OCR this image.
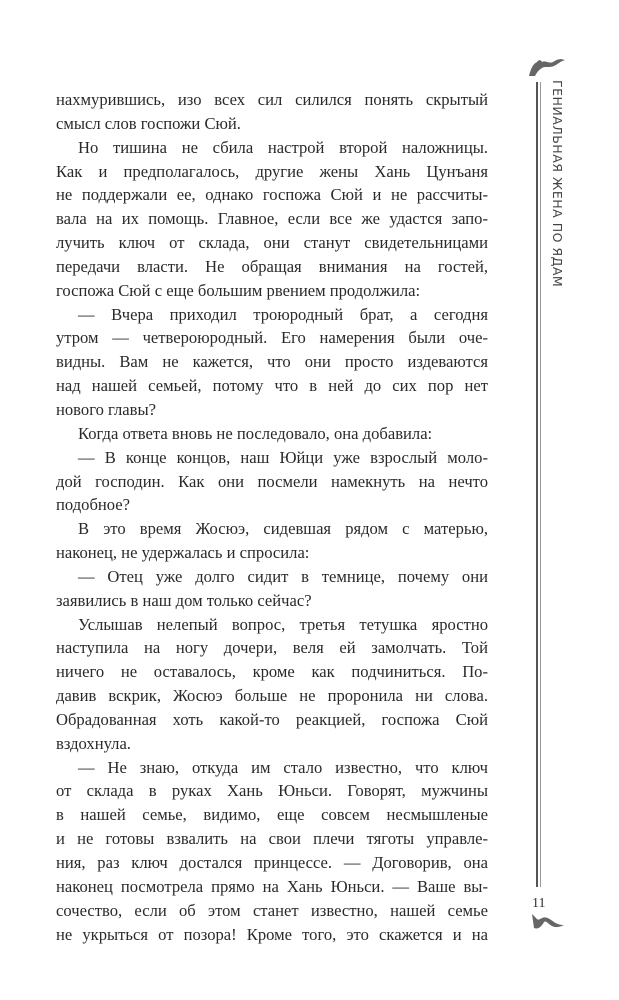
нахмурившись, изо всех сил силился понять скрытый
смысл слов госпожи Сюй.
Но тишина не сбила настрой второй наложницы.
Как и предполагалось, другие жены Хань Цунъаня
не поддержали ее, однако госпожа Сюй и не рассчиты-
вала на их помощь. Главное, если все же удастся запо-
лучить ключ от склада, они станут свидетельницами
передачи власти. Не обращая внимания на гостей,
госпожа Сюй с еще большим рвением продолжила:
— Вчера приходил троюродный брат, а сегодня
утром — четвероюродный. Его намерения были оче-
видны. Вам не кажется, что они просто издеваются
над нашей семьей, потому что в ней до сих пор нет
нового главы?
Когда ответа вновь не последовало, она добавила:
— В конце концов, наш Юйци уже взрослый моло-
дой господин. Как они посмели намекнуть на нечто
подобное?
В это время Жосюэ, сидевшая рядом с матерью,
наконец, не удержалась и спросила:
— Отец уже долго сидит в темнице, почему они
заявились в наш дом только сейчас?
Услышав нелепый вопрос, третья тетушка яростно
наступила на ногу дочери, веля ей замолчать. Той
ничего не оставалось, кроме как подчиниться. По-
давив вскрик, Жосюэ больше не проронила ни слова.
Обрадованная хоть какой-то реакцией, госпожа Сюй
вздохнула.
— Не знаю, откуда им стало известно, что ключ
от склада в руках Хань Юньси. Говорят, мужчины
в нашей семье, видимо, еще совсем несмышленые
и не готовы взвалить на свои плечи тяготы управле-
ния, раз ключ достался принцессе. — Договорив, она
наконец посмотрела прямо на Хань Юньси. — Ваше вы-
сочество, если об этом станет известно, нашей семье
не укрыться от позора! Кроме того, это скажется и на
ГЕНИАЛЬНАЯ ЖЕНА ПО ЯДАМ
11
